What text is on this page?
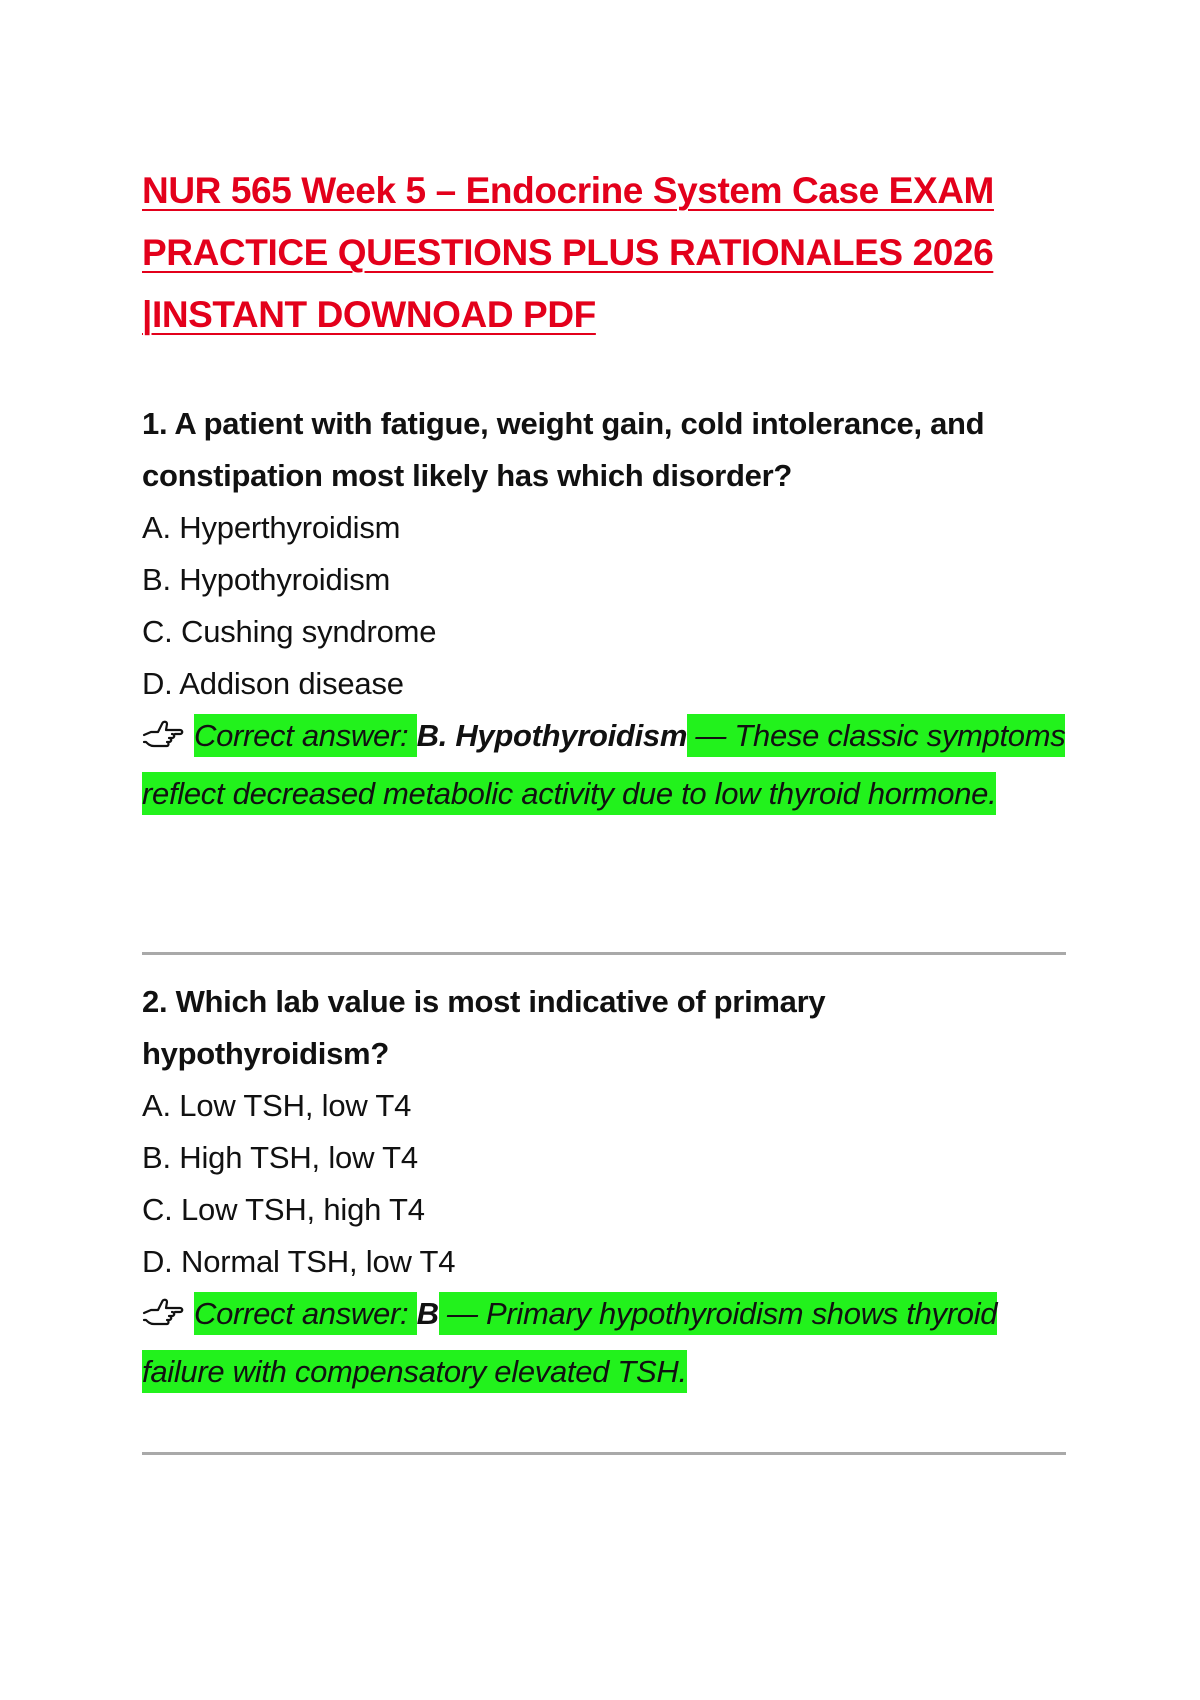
NUR 565 Week 5 – Endocrine System Case EXAM PRACTICE QUESTIONS PLUS RATIONALES 2026 |INSTANT DOWNOAD PDF

1. A patient with fatigue, weight gain, cold intolerance, and constipation most likely has which disorder?

A. Hyperthyroidism
B. Hypothyroidism
C. Cushing syndrome
D. Addison disease

Correct answer: B. Hypothyroidism — These classic symptoms reflect decreased metabolic activity due to low thyroid hormone.

2. Which lab value is most indicative of primary hypothyroidism?

A. Low TSH, low T4
B. High TSH, low T4
C. Low TSH, high T4
D. Normal TSH, low T4

Correct answer: B — Primary hypothyroidism shows thyroid failure with compensatory elevated TSH.
